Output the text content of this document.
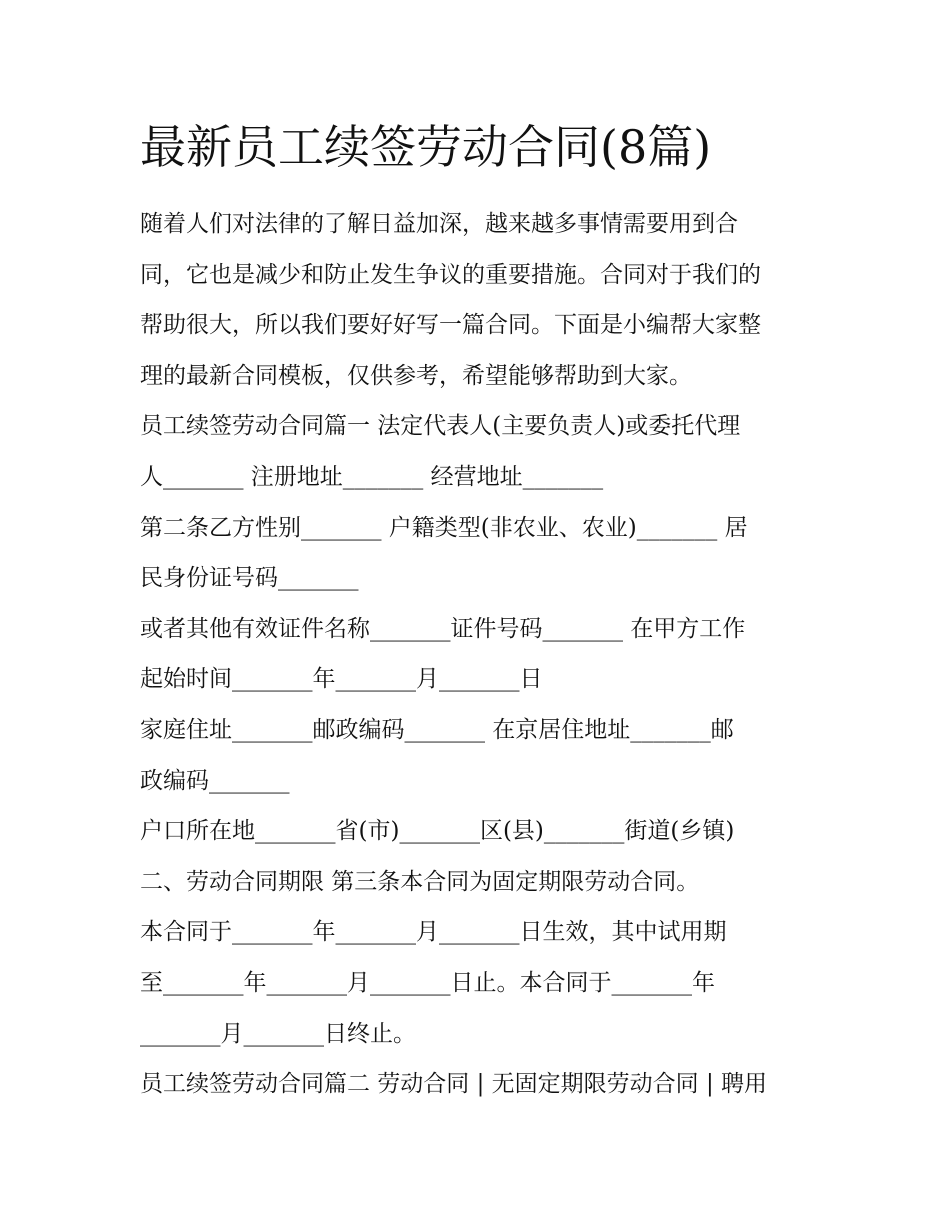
最新员工续签劳动合同(8篇)
随着人们对法律的了解日益加深，越来越多事情需要用到合
同，它也是减少和防止发生争议的重要措施。合同对于我们的
帮助很大，所以我们要好好写一篇合同。下面是小编帮大家整
理的最新合同模板，仅供参考，希望能够帮助到大家。
员工续签劳动合同篇一 法定代表人(主要负责人)或委托代理
人_______ 注册地址_______ 经营地址_______
第二条乙方性别_______ 户籍类型(非农业、农业)_______ 居
民身份证号码_______
或者其他有效证件名称_______证件号码_______ 在甲方工作
起始时间_______年_______月_______日
家庭住址_______邮政编码_______ 在京居住地址_______邮
政编码_______
户口所在地_______省(市)_______区(县)_______街道(乡镇)
二、劳动合同期限 第三条本合同为固定期限劳动合同。
本合同于_______年_______月_______日生效，其中试用期
至_______年_______月_______日止。本合同于_______年
_______月_______日终止。
员工续签劳动合同篇二 劳动合同 | 无固定期限劳动合同 | 聘用
